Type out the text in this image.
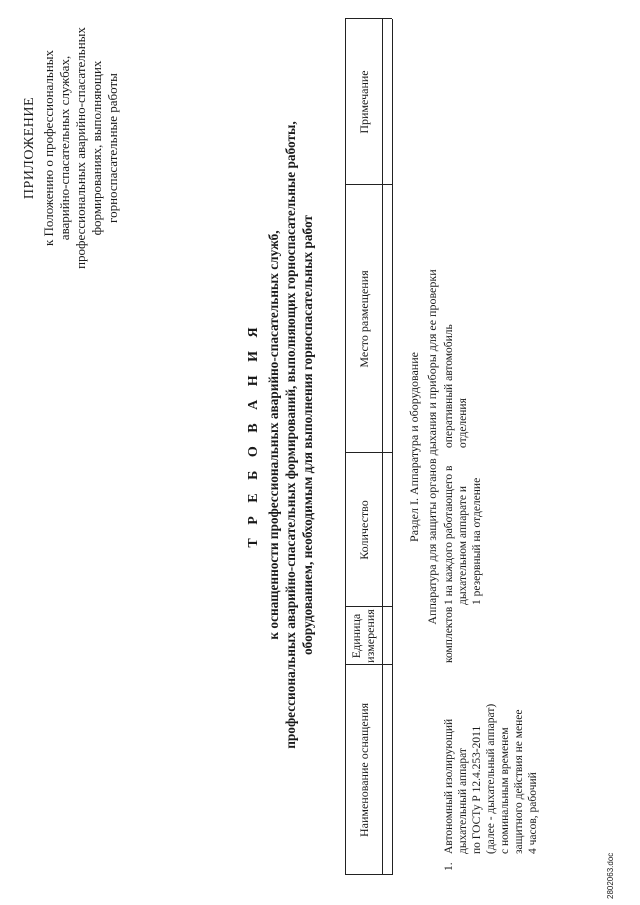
ПРИЛОЖЕНИЕ к Положению о профессиональных аварийно-спасательных службах, профессиональных аварийно-спасательных формированиях, выполняющих горноспасательные работы
Т Р Е Б О В А Н И Я к оснащенности профессиональных аварийно-спасательных служб, профессиональных аварийно-спасательных формирований, выполняющих горноспасательные работы, оборудованием, необходимым для выполнения горноспасательных работ
Наименование оснащения
Единица измерения
Количество
Место размещения
Примечание
Раздел I. Аппаратура и оборудование Аппаратура для защиты органов дыхания и приборы для ее проверки
1.
Автономный изолирующий дыхательный аппарат по ГОСТу Р 12.4.253-2011 (далее - дыхательный аппарат) с номинальным временем защитного действия не менее 4 часов, рабочий
комплектов
1 на каждого работающего в дыхательном аппарате и 1 резервный на отделение
оперативный автомобиль отделения
2802063.doc
